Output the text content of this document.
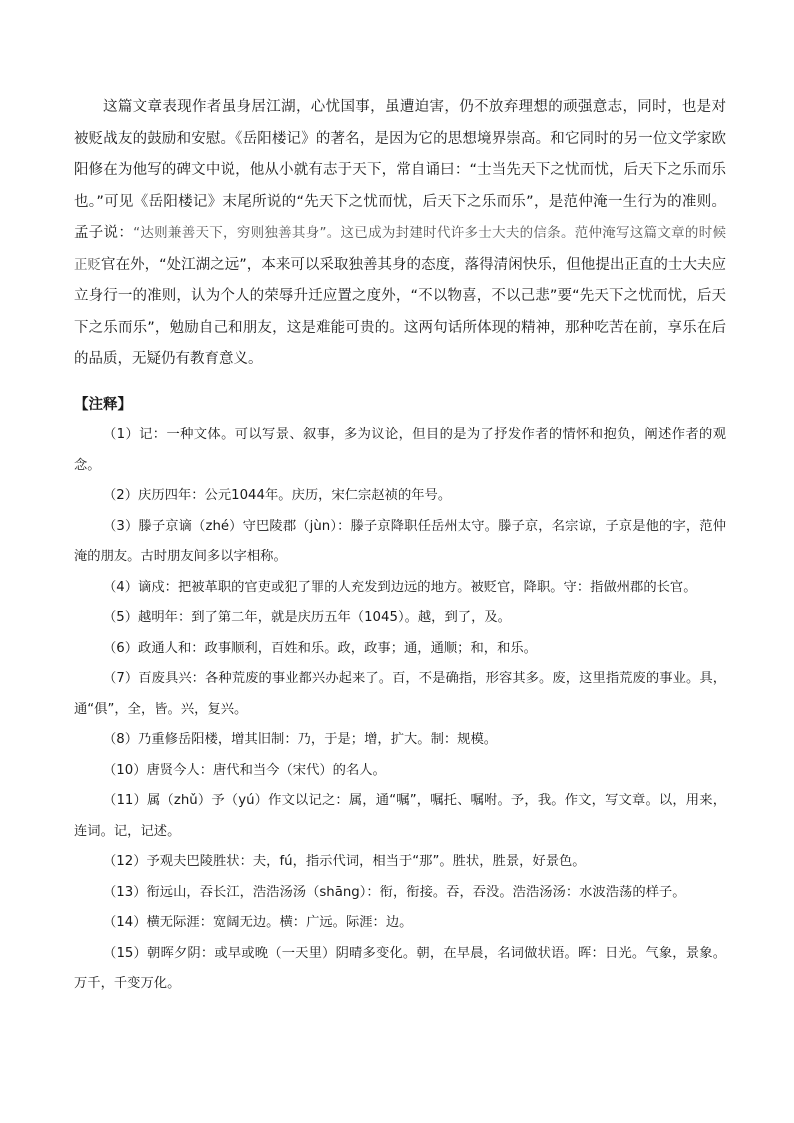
这篇文章表现作者虽身居江湖，心忧国事，虽遭迫害，仍不放弃理想的顽强意志，同时，也是对被贬战友的鼓励和安慰。《岳阳楼记》的著名，是因为它的思想境界崇高。和它同时的另一位文学家欧阳修在为他写的碑文中说，他从小就有志于天下，常自诵曰：“士当先天下之忧而忧，后天下之乐而乐也。”可见《岳阳楼记》末尾所说的“先天下之忧而忧，后天下之乐而乐”，是范仲淹一生行为的准则。孟子说：“达则兼善天下，穷则独善其身”。这已成为封建时代许多士大夫的信条。范仲淹写这篇文章的时候正贬官在外，“处江湖之远”，本来可以采取独善其身的态度，落得清闲快乐，但他提出正直的士大夫应立身行一的准则，认为个人的荣辱升迁应置之度外，“不以物喜，不以己悲”要“先天下之忧而忧，后天下之乐而乐”，勉励自己和朋友，这是难能可贵的。这两句话所体现的精神，那种吃苦在前，享乐在后的品质，无疑仍有教育意义。

【注释】

（1）记：一种文体。可以写景、叙事，多为议论，但目的是为了抒发作者的情怀和抱负，阐述作者的观念。

（2）庆历四年：公元1044年。庆历，宋仁宗赵祯的年号。

（3）滕子京谪（zhé）守巴陵郡（jùn）：滕子京降职任岳州太守。滕子京，名宗谅，子京是他的字，范仲淹的朋友。古时朋友间多以字相称。

（4）谪戍：把被革职的官吏或犯了罪的人充发到边远的地方。被贬官，降职。守：指做州郡的长官。

（5）越明年：到了第二年，就是庆历五年（1045）。越，到了，及。

（6）政通人和：政事顺利，百姓和乐。政，政事；通，通顺；和，和乐。

（7）百废具兴：各种荒废的事业都兴办起来了。百，不是确指，形容其多。废，这里指荒废的事业。具，通“俱”，全，皆。兴，复兴。

（8）乃重修岳阳楼，增其旧制：乃，于是；增，扩大。制：规模。

（10）唐贤今人：唐代和当今（宋代）的名人。

（11）属（zhǔ）予（yú）作文以记之：属，通“嘱”，嘱托、嘱咐。予，我。作文，写文章。以，用来，连词。记，记述。

（12）予观夫巴陵胜状：夫，fú，指示代词，相当于“那”。胜状，胜景，好景色。

（13）衔远山，吞长江，浩浩汤汤（shāng）：衔，衔接。吞，吞没。浩浩汤汤：水波浩荡的样子。

（14）横无际涯：宽阔无边。横：广远。际涯：边。

（15）朝晖夕阴：或早或晚（一天里）阴晴多变化。朝，在早晨，名词做状语。晖：日光。气象，景象。万千，千变万化。
